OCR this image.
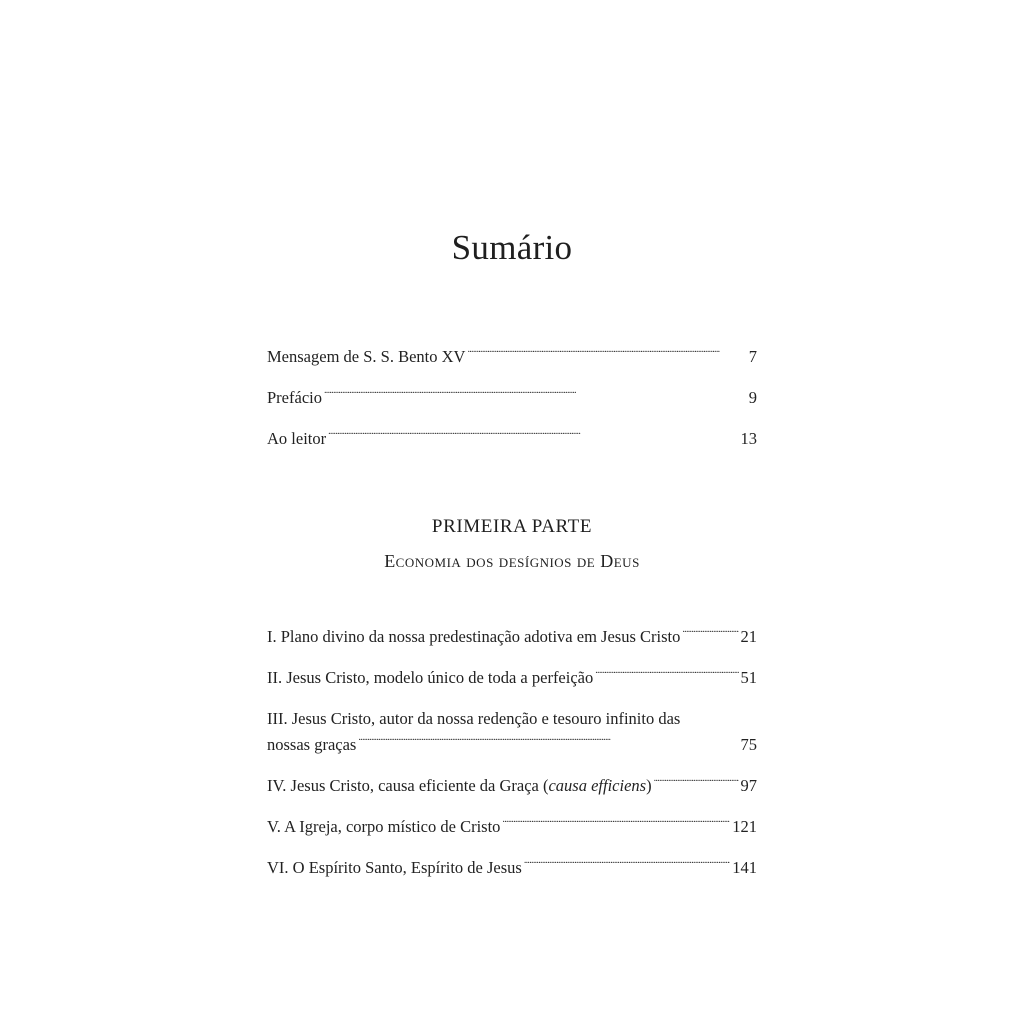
Sumário

Mensagem de S. S. Bento XV . . .	7

Prefácio . . .	9

Ao leitor . . .	13

PRIMEIRA PARTE
Economia dos desígnios de Deus

I. Plano divino da nossa predestinação adotiva em Jesus Cristo . . .	21

II. Jesus Cristo, modelo único de toda a perfeição . . .	51

III. Jesus Cristo, autor da nossa redenção e tesouro infinito das
nossas graças . . .	75

IV. Jesus Cristo, causa eficiente da Graça (causa efficiens) . . .	97

V. A Igreja, corpo místico de Cristo . . .	121

VI. O Espírito Santo, Espírito de Jesus . . .	141
